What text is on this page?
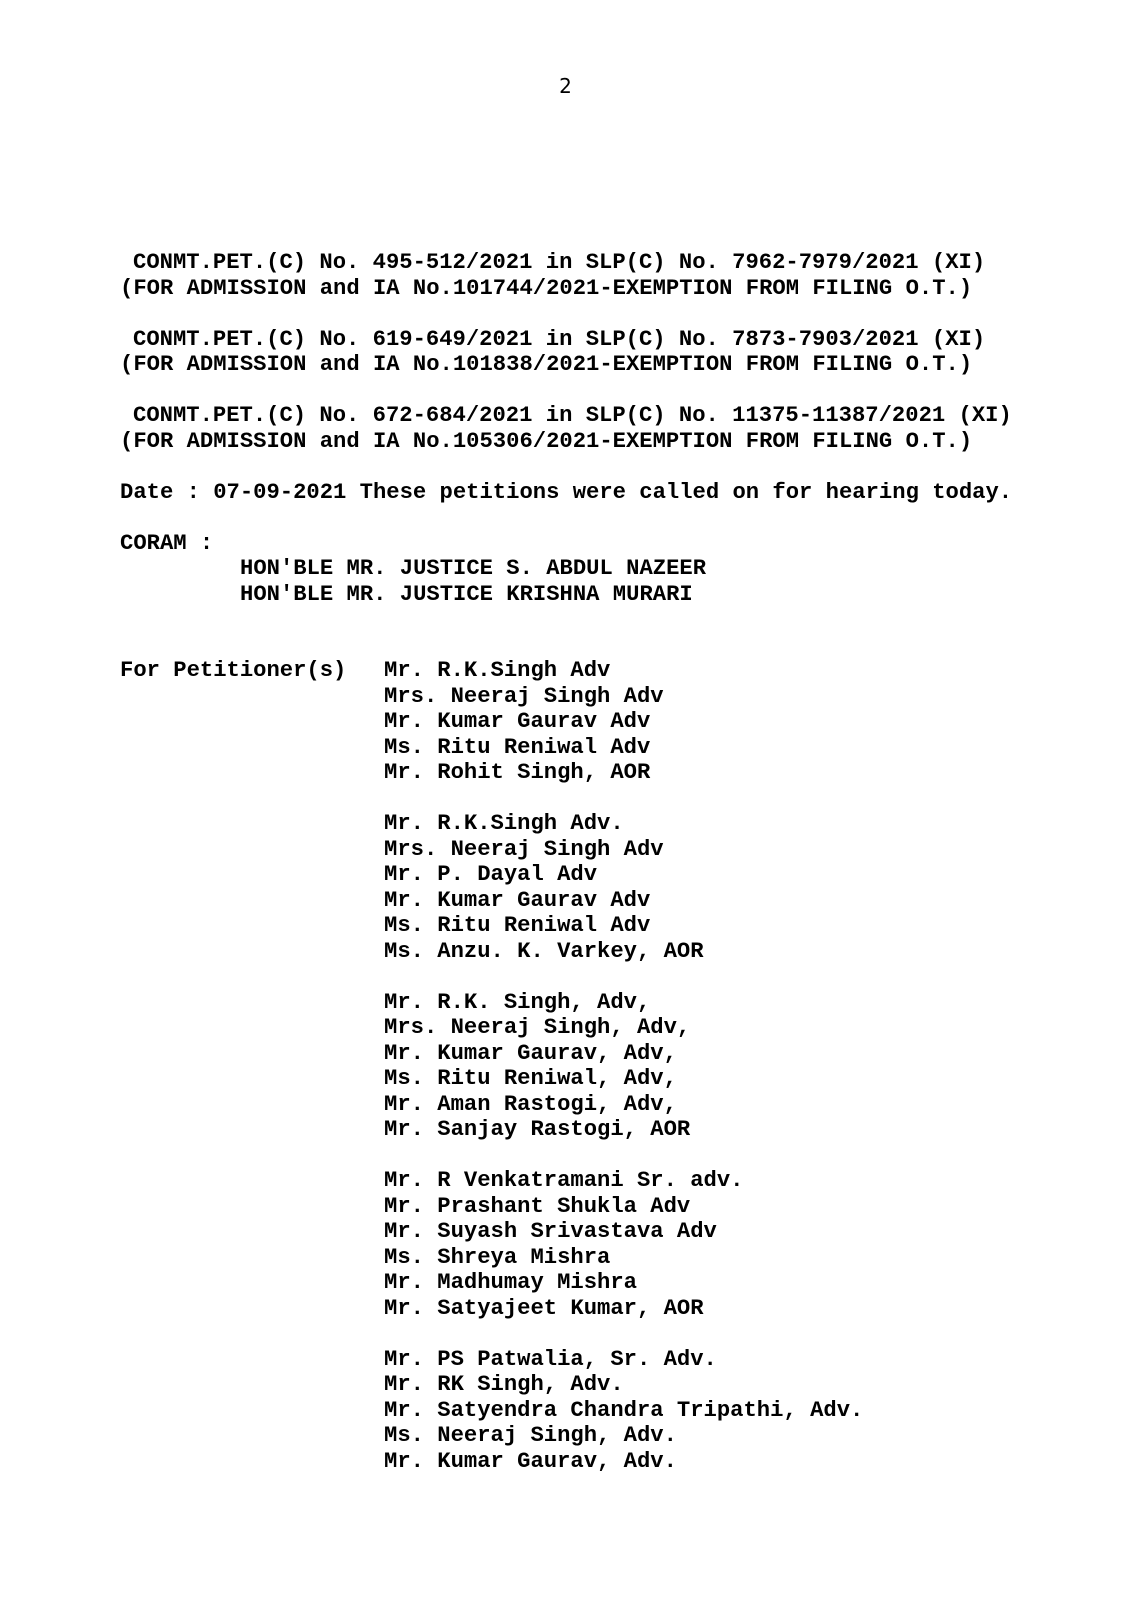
2
CONMT.PET.(C) No. 495-512/2021 in SLP(C) No. 7962-7979/2021 (XI)
(FOR ADMISSION and IA No.101744/2021-EXEMPTION FROM FILING O.T.)
CONMT.PET.(C) No. 619-649/2021 in SLP(C) No. 7873-7903/2021 (XI)
(FOR ADMISSION and IA No.101838/2021-EXEMPTION FROM FILING O.T.)
CONMT.PET.(C) No. 672-684/2021 in SLP(C) No. 11375-11387/2021 (XI)
(FOR ADMISSION and IA No.105306/2021-EXEMPTION FROM FILING O.T.)
Date : 07-09-2021 These petitions were called on for hearing today.
CORAM :
HON'BLE MR. JUSTICE S. ABDUL NAZEER
HON'BLE MR. JUSTICE KRISHNA MURARI
For Petitioner(s)	Mr. R.K.Singh Adv
Mrs. Neeraj Singh Adv
Mr. Kumar Gaurav Adv
Ms. Ritu Reniwal Adv
Mr. Rohit Singh, AOR
Mr. R.K.Singh Adv.
Mrs. Neeraj Singh Adv
Mr. P. Dayal Adv
Mr. Kumar Gaurav Adv
Ms. Ritu Reniwal Adv
Ms. Anzu. K. Varkey, AOR
Mr. R.K. Singh, Adv,
Mrs. Neeraj Singh, Adv,
Mr. Kumar Gaurav, Adv,
Ms. Ritu Reniwal, Adv,
Mr. Aman Rastogi, Adv,
Mr. Sanjay Rastogi, AOR
Mr. R Venkatramani Sr. adv.
Mr. Prashant Shukla Adv
Mr. Suyash Srivastava Adv
Ms. Shreya Mishra
Mr. Madhumay Mishra
Mr. Satyajeet Kumar, AOR
Mr. PS Patwalia, Sr. Adv.
Mr. RK Singh, Adv.
Mr. Satyendra Chandra Tripathi, Adv.
Ms. Neeraj Singh, Adv.
Mr. Kumar Gaurav, Adv.
